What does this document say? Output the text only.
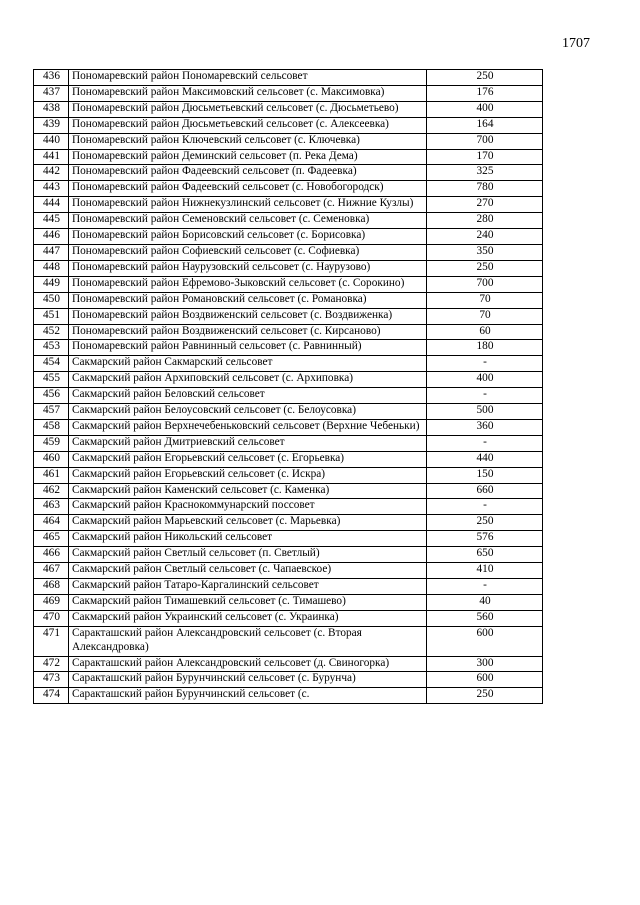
1707
436	Пономаревский район Пономаревский сельсовет	250
437	Пономаревский район Максимовский сельсовет (с. Максимовка)	176
438	Пономаревский район Дюсьметьевский сельсовет (с. Дюсьметьево)	400
439	Пономаревский район Дюсьметьевский сельсовет (с. Алексеевка)	164
440	Пономаревский район Ключевский сельсовет (с. Ключевка)	700
441	Пономаревский район Деминский сельсовет (п. Река Дема)	170
442	Пономаревский район Фадеевский сельсовет (п. Фадеевка)	325
443	Пономаревский район Фадеевский сельсовет (с. Новобогородск)	780
444	Пономаревский район Нижнекузлинский сельсовет (с. Нижние Кузлы)	270
445	Пономаревский район Семеновский сельсовет (с. Семеновка)	280
446	Пономаревский район Борисовский сельсовет (с. Борисовка)	240
447	Пономаревский район Софиевский сельсовет (с. Софиевка)	350
448	Пономаревский район Наурузовский сельсовет (с. Наурузово)	250
449	Пономаревский район Ефремово-Зыковский сельсовет (с. Сорокино)	700
450	Пономаревский район Романовский сельсовет (с. Романовка)	70
451	Пономаревский район Воздвиженский сельсовет (с. Воздвиженка)	70
452	Пономаревский район Воздвиженский сельсовет (с. Кирсаново)	60
453	Пономаревский район Равнинный сельсовет (с. Равнинный)	180
454	Сакмарский район Сакмарский сельсовет	-
455	Сакмарский район Архиповский сельсовет (с. Архиповка)	400
456	Сакмарский район Беловский сельсовет	-
457	Сакмарский район Белоусовский сельсовет (с. Белоусовка)	500
458	Сакмарский район Верхнечебеньковский сельсовет (Верхние Чебеньки)	360
459	Сакмарский район Дмитриевский сельсовет	-
460	Сакмарский район Егорьевский сельсовет (с. Егорьевка)	440
461	Сакмарский район Егорьевский сельсовет (с. Искра)	150
462	Сакмарский район Каменский сельсовет (с. Каменка)	660
463	Сакмарский район Краснокоммунарский поссовет	-
464	Сакмарский район Марьевский сельсовет (с. Марьевка)	250
465	Сакмарский район Никольский сельсовет	576
466	Сакмарский район Светлый сельсовет (п. Светлый)	650
467	Сакмарский район Светлый сельсовет (с. Чапаевское)	410
468	Сакмарский район Татаро-Каргалинский сельсовет	-
469	Сакмарский район Тимашевкий сельсовет (с. Тимашево)	40
470	Сакмарский район Украинский сельсовет (с. Украинка)	560
471	Саракташский район Александровский сельсовет (с. Вторая Александровка)	600
472	Саракташский район Александровский сельсовет (д. Свиногорка)	300
473	Саракташский район Бурунчинский сельсовет (с. Бурунча)	600
474	Саракташский район Бурунчинский сельсовет (с.	250
